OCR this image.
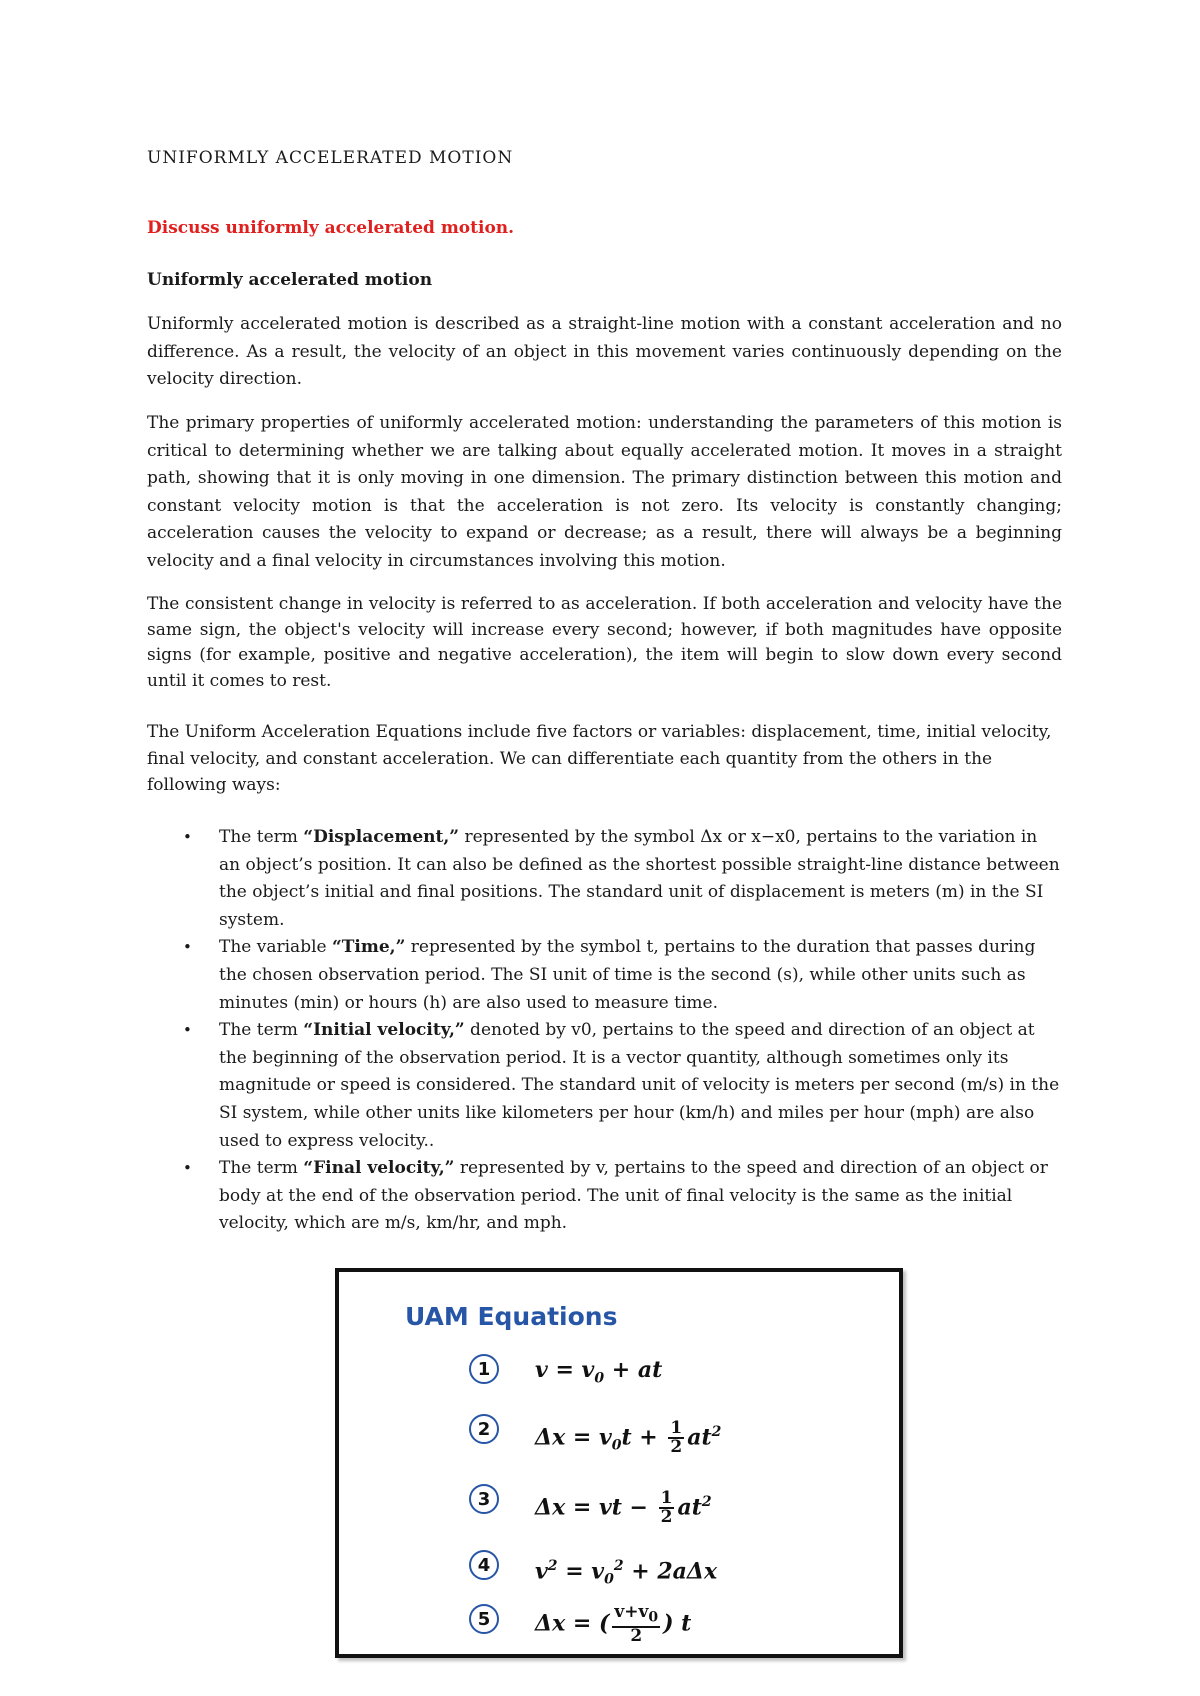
UNIFORMLY ACCELERATED MOTION

Discuss uniformly accelerated motion.

Uniformly accelerated motion

Uniformly accelerated motion is described as a straight-line motion with a constant acceleration and no difference. As a result, the velocity of an object in this movement varies continuously depending on the velocity direction.

The primary properties of uniformly accelerated motion: understanding the parameters of this motion is critical to determining whether we are talking about equally accelerated motion. It moves in a straight path, showing that it is only moving in one dimension. The primary distinction between this motion and constant velocity motion is that the acceleration is not zero. Its velocity is constantly changing; acceleration causes the velocity to expand or decrease; as a result, there will always be a beginning velocity and a final velocity in circumstances involving this motion.

The consistent change in velocity is referred to as acceleration. If both acceleration and velocity have the same sign, the object's velocity will increase every second; however, if both magnitudes have opposite signs (for example, positive and negative acceleration), the item will begin to slow down every second until it comes to rest.

The Uniform Acceleration Equations include five factors or variables: displacement, time, initial velocity, final velocity, and constant acceleration. We can differentiate each quantity from the others in the following ways:

• The term “Displacement,” represented by the symbol Δx or x−x0, pertains to the variation in an object’s position. It can also be defined as the shortest possible straight-line distance between the object’s initial and final positions. The standard unit of displacement is meters (m) in the SI system.
• The variable “Time,” represented by the symbol t, pertains to the duration that passes during the chosen observation period. The SI unit of time is the second (s), while other units such as minutes (min) or hours (h) are also used to measure time.
• The term “Initial velocity,” denoted by v0, pertains to the speed and direction of an object at the beginning of the observation period. It is a vector quantity, although sometimes only its magnitude or speed is considered. The standard unit of velocity is meters per second (m/s) in the SI system, while other units like kilometers per hour (km/h) and miles per hour (mph) are also used to express velocity..
• The term “Final velocity,” represented by v, pertains to the speed and direction of an object or body at the end of the observation period. The unit of final velocity is the same as the initial velocity, which are m/s, km/hr, and mph.

UAM Equations

1	$v = v_0$ + at
2	$\Delta x = v_0t + \frac{1}{2} at^2$
3	Δx = vt − $\frac{1}{2} at^2$
4	$v^2 = v_0^2 + 2a\Delta x$
5	Δx = ( $\frac{v+v_0}{2}$ ) t
